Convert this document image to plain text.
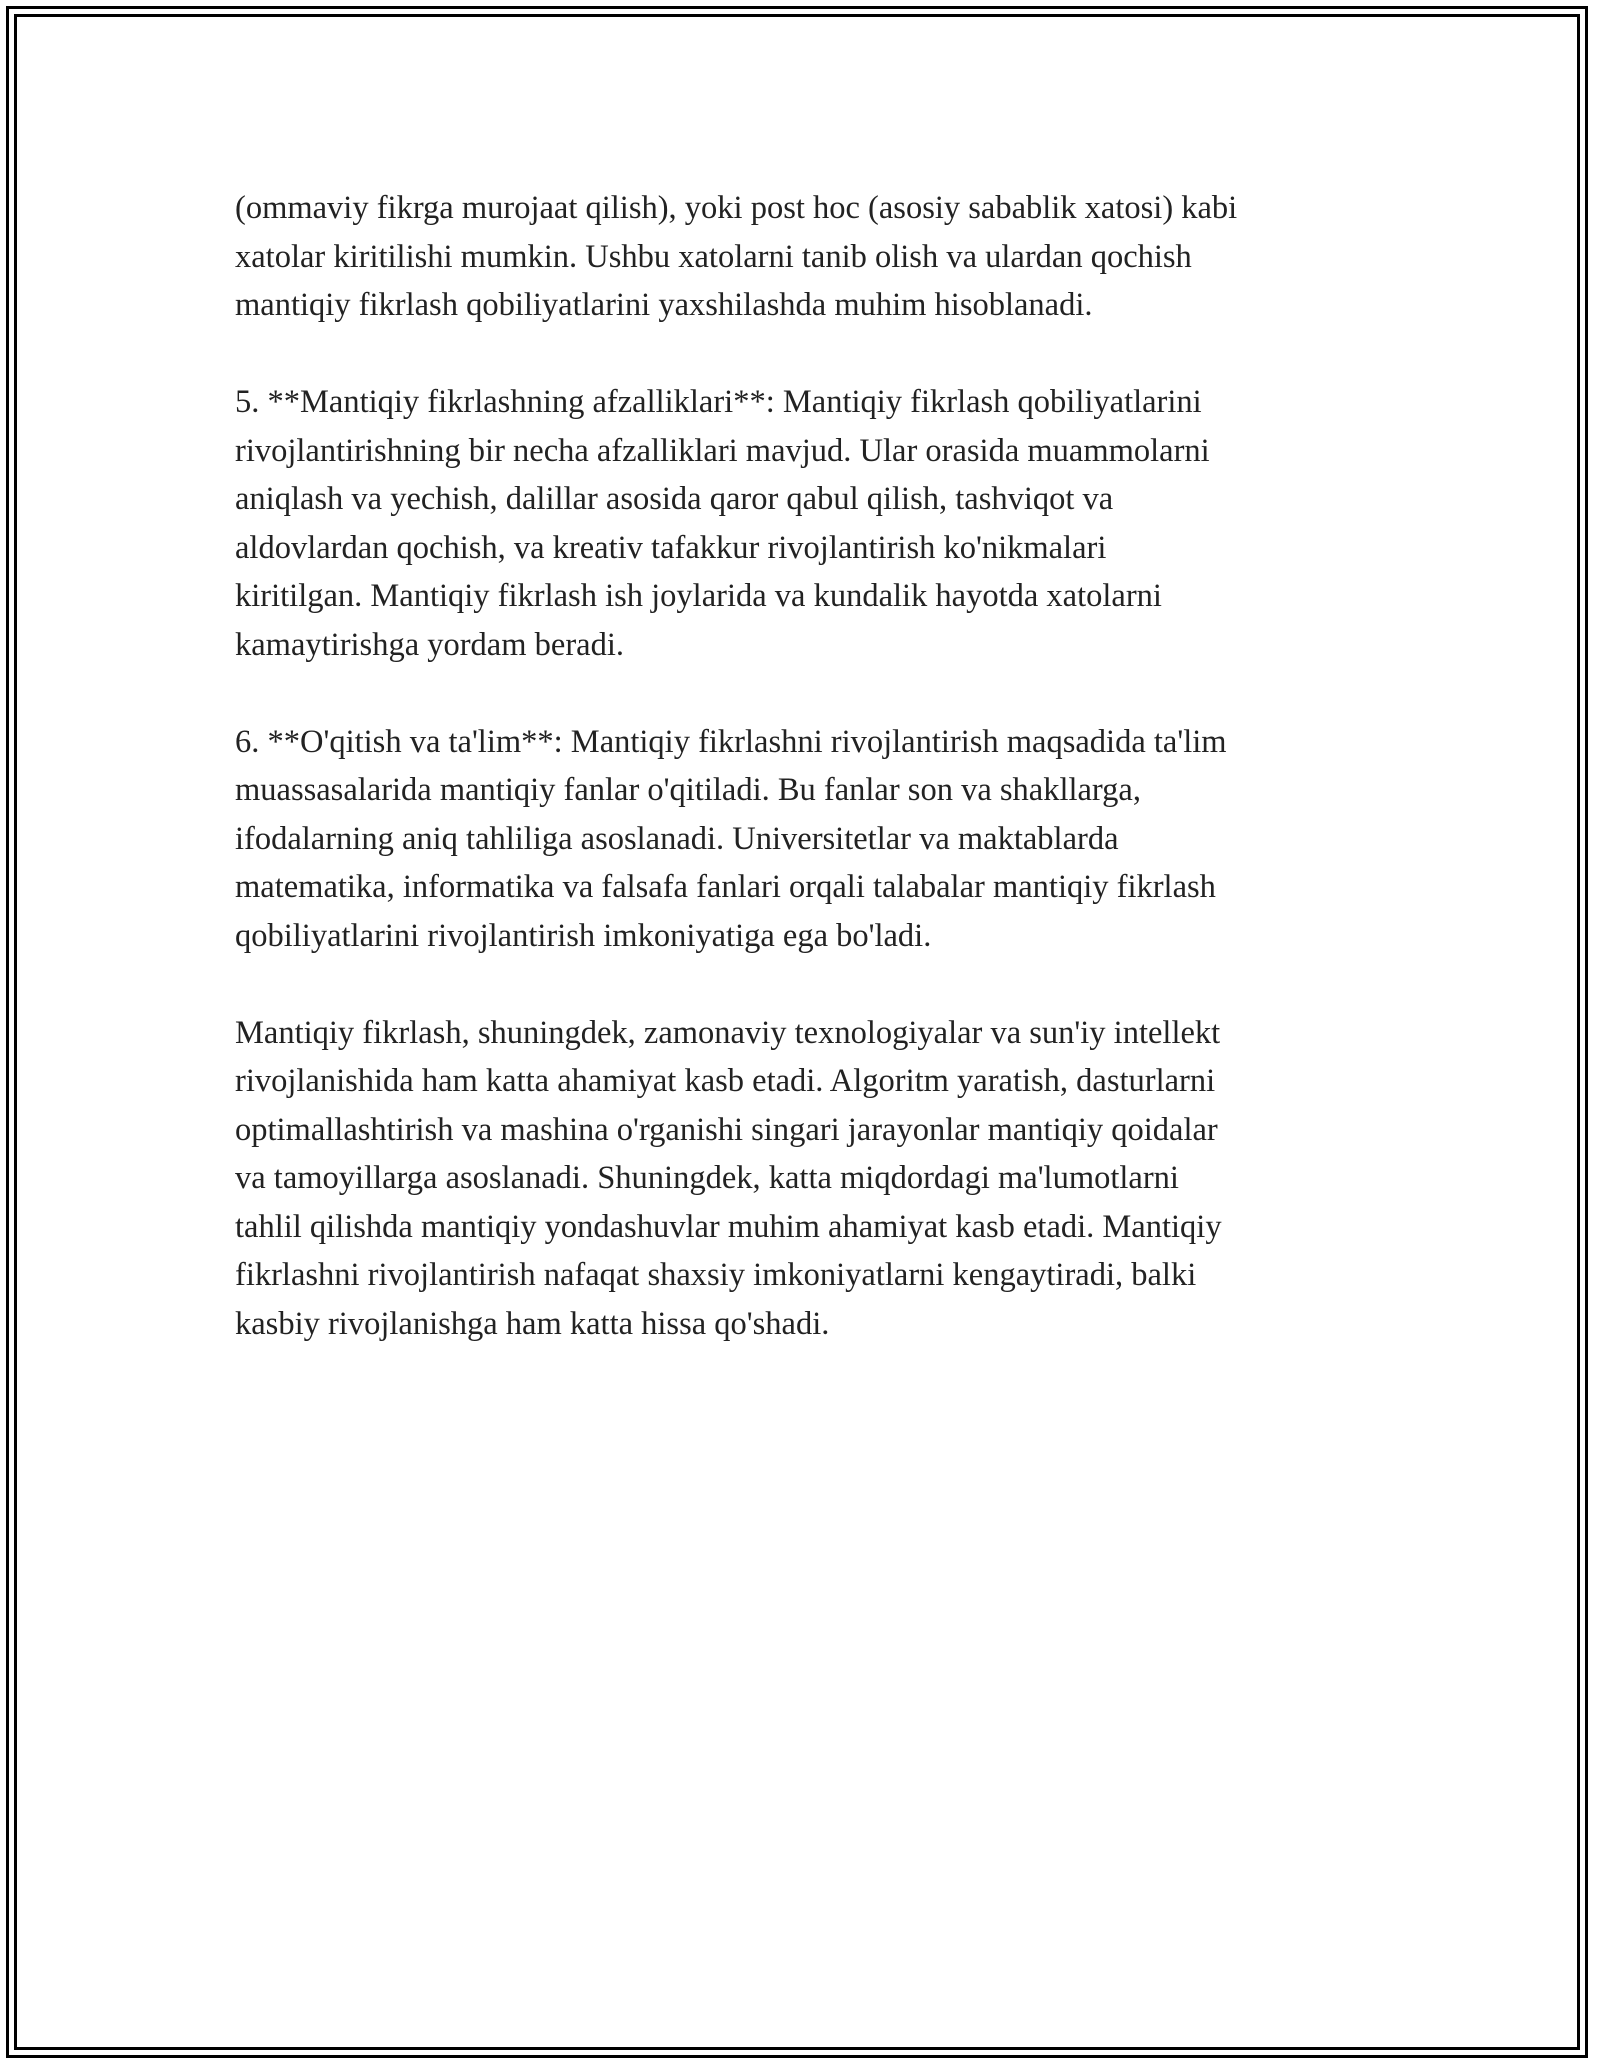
(ommaviy fikrga murojaat qilish), yoki post hoc (asosiy sabablik xatosi) kabi
xatolar kiritilishi mumkin. Ushbu xatolarni tanib olish va ulardan qochish
mantiqiy fikrlash qobiliyatlarini yaxshilashda muhim hisoblanadi.

5. **Mantiqiy fikrlashning afzalliklari**: Mantiqiy fikrlash qobiliyatlarini
rivojlantirishning bir necha afzalliklari mavjud. Ular orasida muammolarni
aniqlash va yechish, dalillar asosida qaror qabul qilish, tashviqot va
aldovlardan qochish, va kreativ tafakkur rivojlantirish ko'nikmalari
kiritilgan. Mantiqiy fikrlash ish joylarida va kundalik hayotda xatolarni
kamaytirishga yordam beradi.

6. **O'qitish va ta'lim**: Mantiqiy fikrlashni rivojlantirish maqsadida ta'lim
muassasalarida mantiqiy fanlar o'qitiladi. Bu fanlar son va shakllarga,
ifodalarning aniq tahliliga asoslanadi. Universitetlar va maktablarda
matematika, informatika va falsafa fanlari orqali talabalar mantiqiy fikrlash
qobiliyatlarini rivojlantirish imkoniyatiga ega bo'ladi.

Mantiqiy fikrlash, shuningdek, zamonaviy texnologiyalar va sun'iy intellekt
rivojlanishida ham katta ahamiyat kasb etadi. Algoritm yaratish, dasturlarni
optimallashtirish va mashina o'rganishi singari jarayonlar mantiqiy qoidalar
va tamoyillarga asoslanadi. Shuningdek, katta miqdordagi ma'lumotlarni
tahlil qilishda mantiqiy yondashuvlar muhim ahamiyat kasb etadi. Mantiqiy
fikrlashni rivojlantirish nafaqat shaxsiy imkoniyatlarni kengaytiradi, balki
kasbiy rivojlanishga ham katta hissa qo'shadi.
